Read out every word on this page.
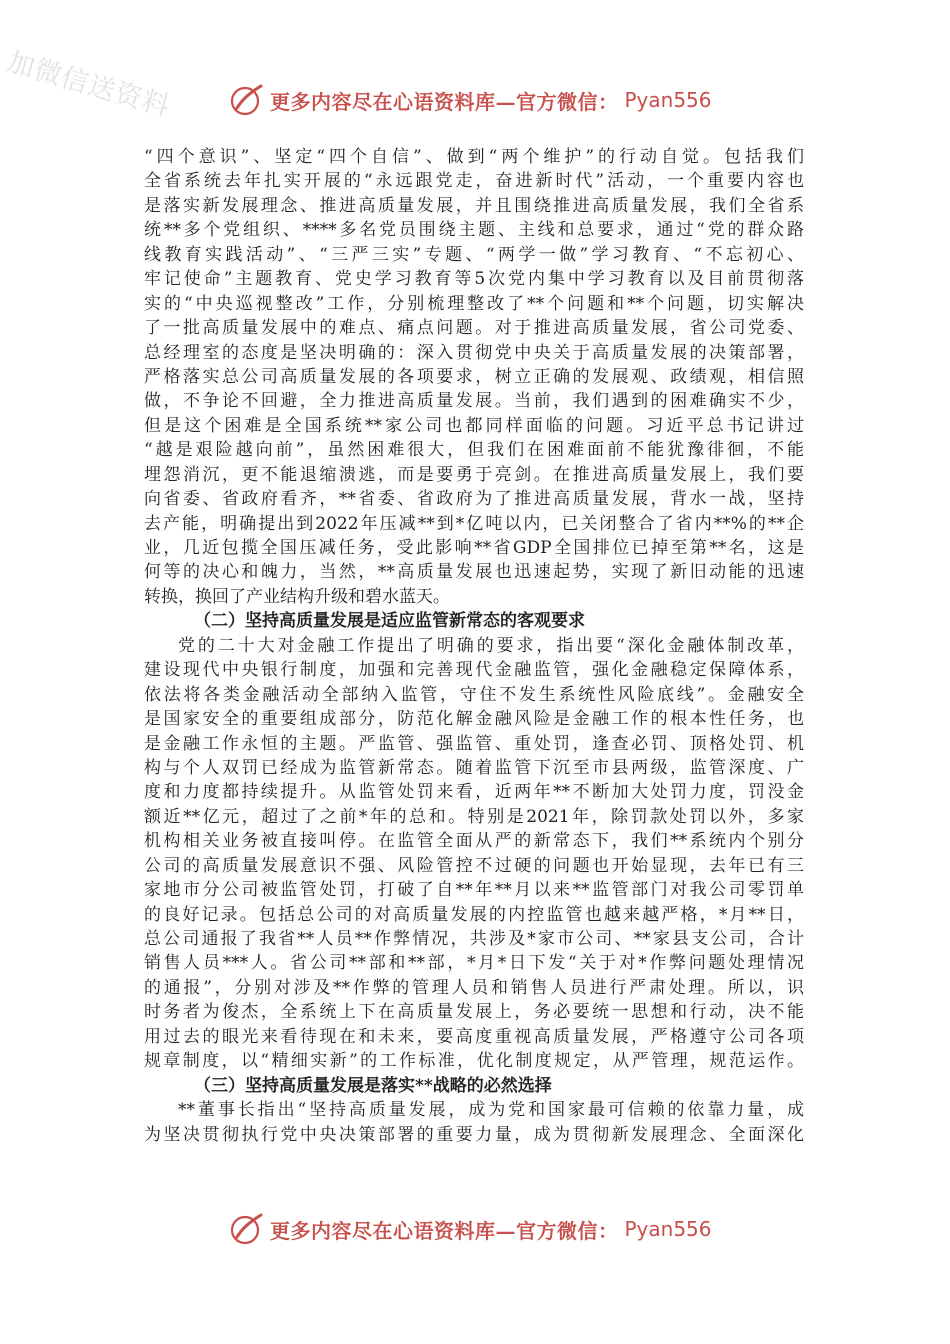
加微信送资料	更多内容尽在心语资料库—官方微信： Pyan556
“四个意识”、坚定“四个自信”、做到“两个维护”的行动自觉。包括我们
全省系统去年扎实开展的“永远跟党走，奋进新时代”活动，一个重要内容也
是落实新发展理念、推进高质量发展，并且围绕推进高质量发展，我们全省系
统**多个党组织、****多名党员围绕主题、主线和总要求，通过“党的群众路
线教育实践活动”、“三严三实”专题、“两学一做”学习教育、“不忘初心、
牢记使命”主题教育、党史学习教育等5次党内集中学习教育以及目前贯彻落
实的“中央巡视整改”工作，分别梳理整改了**个问题和**个问题，切实解决
了一批高质量发展中的难点、痛点问题。对于推进高质量发展，省公司党委、
总经理室的态度是坚决明确的：深入贯彻党中央关于高质量发展的决策部署，
严格落实总公司高质量发展的各项要求，树立正确的发展观、政绩观，相信照
做，不争论不回避，全力推进高质量发展。当前，我们遇到的困难确实不少，
但是这个困难是全国系统**家公司也都同样面临的问题。习近平总书记讲过
“越是艰险越向前”，虽然困难很大，但我们在困难面前不能犹豫徘徊，不能
埋怨消沉，更不能退缩溃逃，而是要勇于亮剑。在推进高质量发展上，我们要
向省委、省政府看齐，**省委、省政府为了推进高质量发展，背水一战，坚持
去产能，明确提出到2022年压减**到*亿吨以内，已关闭整合了省内**%的**企
业，几近包揽全国压减任务，受此影响**省GDP全国排位已掉至第**名，这是
何等的决心和魄力，当然，**高质量发展也迅速起势，实现了新旧动能的迅速
转换，换回了产业结构升级和碧水蓝天。
（二）坚持高质量发展是适应监管新常态的客观要求
党的二十大对金融工作提出了明确的要求，指出要“深化金融体制改革，
建设现代中央银行制度，加强和完善现代金融监管，强化金融稳定保障体系，
依法将各类金融活动全部纳入监管，守住不发生系统性风险底线”。金融安全
是国家安全的重要组成部分，防范化解金融风险是金融工作的根本性任务，也
是金融工作永恒的主题。严监管、强监管、重处罚，逢查必罚、顶格处罚、机
构与个人双罚已经成为监管新常态。随着监管下沉至市县两级，监管深度、广
度和力度都持续提升。从监管处罚来看，近两年**不断加大处罚力度，罚没金
额近**亿元，超过了之前*年的总和。特别是2021年，除罚款处罚以外，多家
机构相关业务被直接叫停。在监管全面从严的新常态下，我们**系统内个别分
公司的高质量发展意识不强、风险管控不过硬的问题也开始显现，去年已有三
家地市分公司被监管处罚，打破了自**年**月以来**监管部门对我公司零罚单
的良好记录。包括总公司的对高质量发展的内控监管也越来越严格，*月**日，
总公司通报了我省**人员**作弊情况，共涉及*家市公司、**家县支公司，合计
销售人员***人。省公司**部和**部，*月*日下发“关于对*作弊问题处理情况
的通报”，分别对涉及**作弊的管理人员和销售人员进行严肃处理。所以，识
时务者为俊杰，全系统上下在高质量发展上，务必要统一思想和行动，决不能
用过去的眼光来看待现在和未来，要高度重视高质量发展，严格遵守公司各项
规章制度，以“精细实新”的工作标准，优化制度规定，从严管理，规范运作。
（三）坚持高质量发展是落实**战略的必然选择
**董事长指出“坚持高质量发展，成为党和国家最可信赖的依靠力量，成
为坚决贯彻执行党中央决策部署的重要力量，成为贯彻新发展理念、全面深化
更多内容尽在心语资料库—官方微信： Pyan556
